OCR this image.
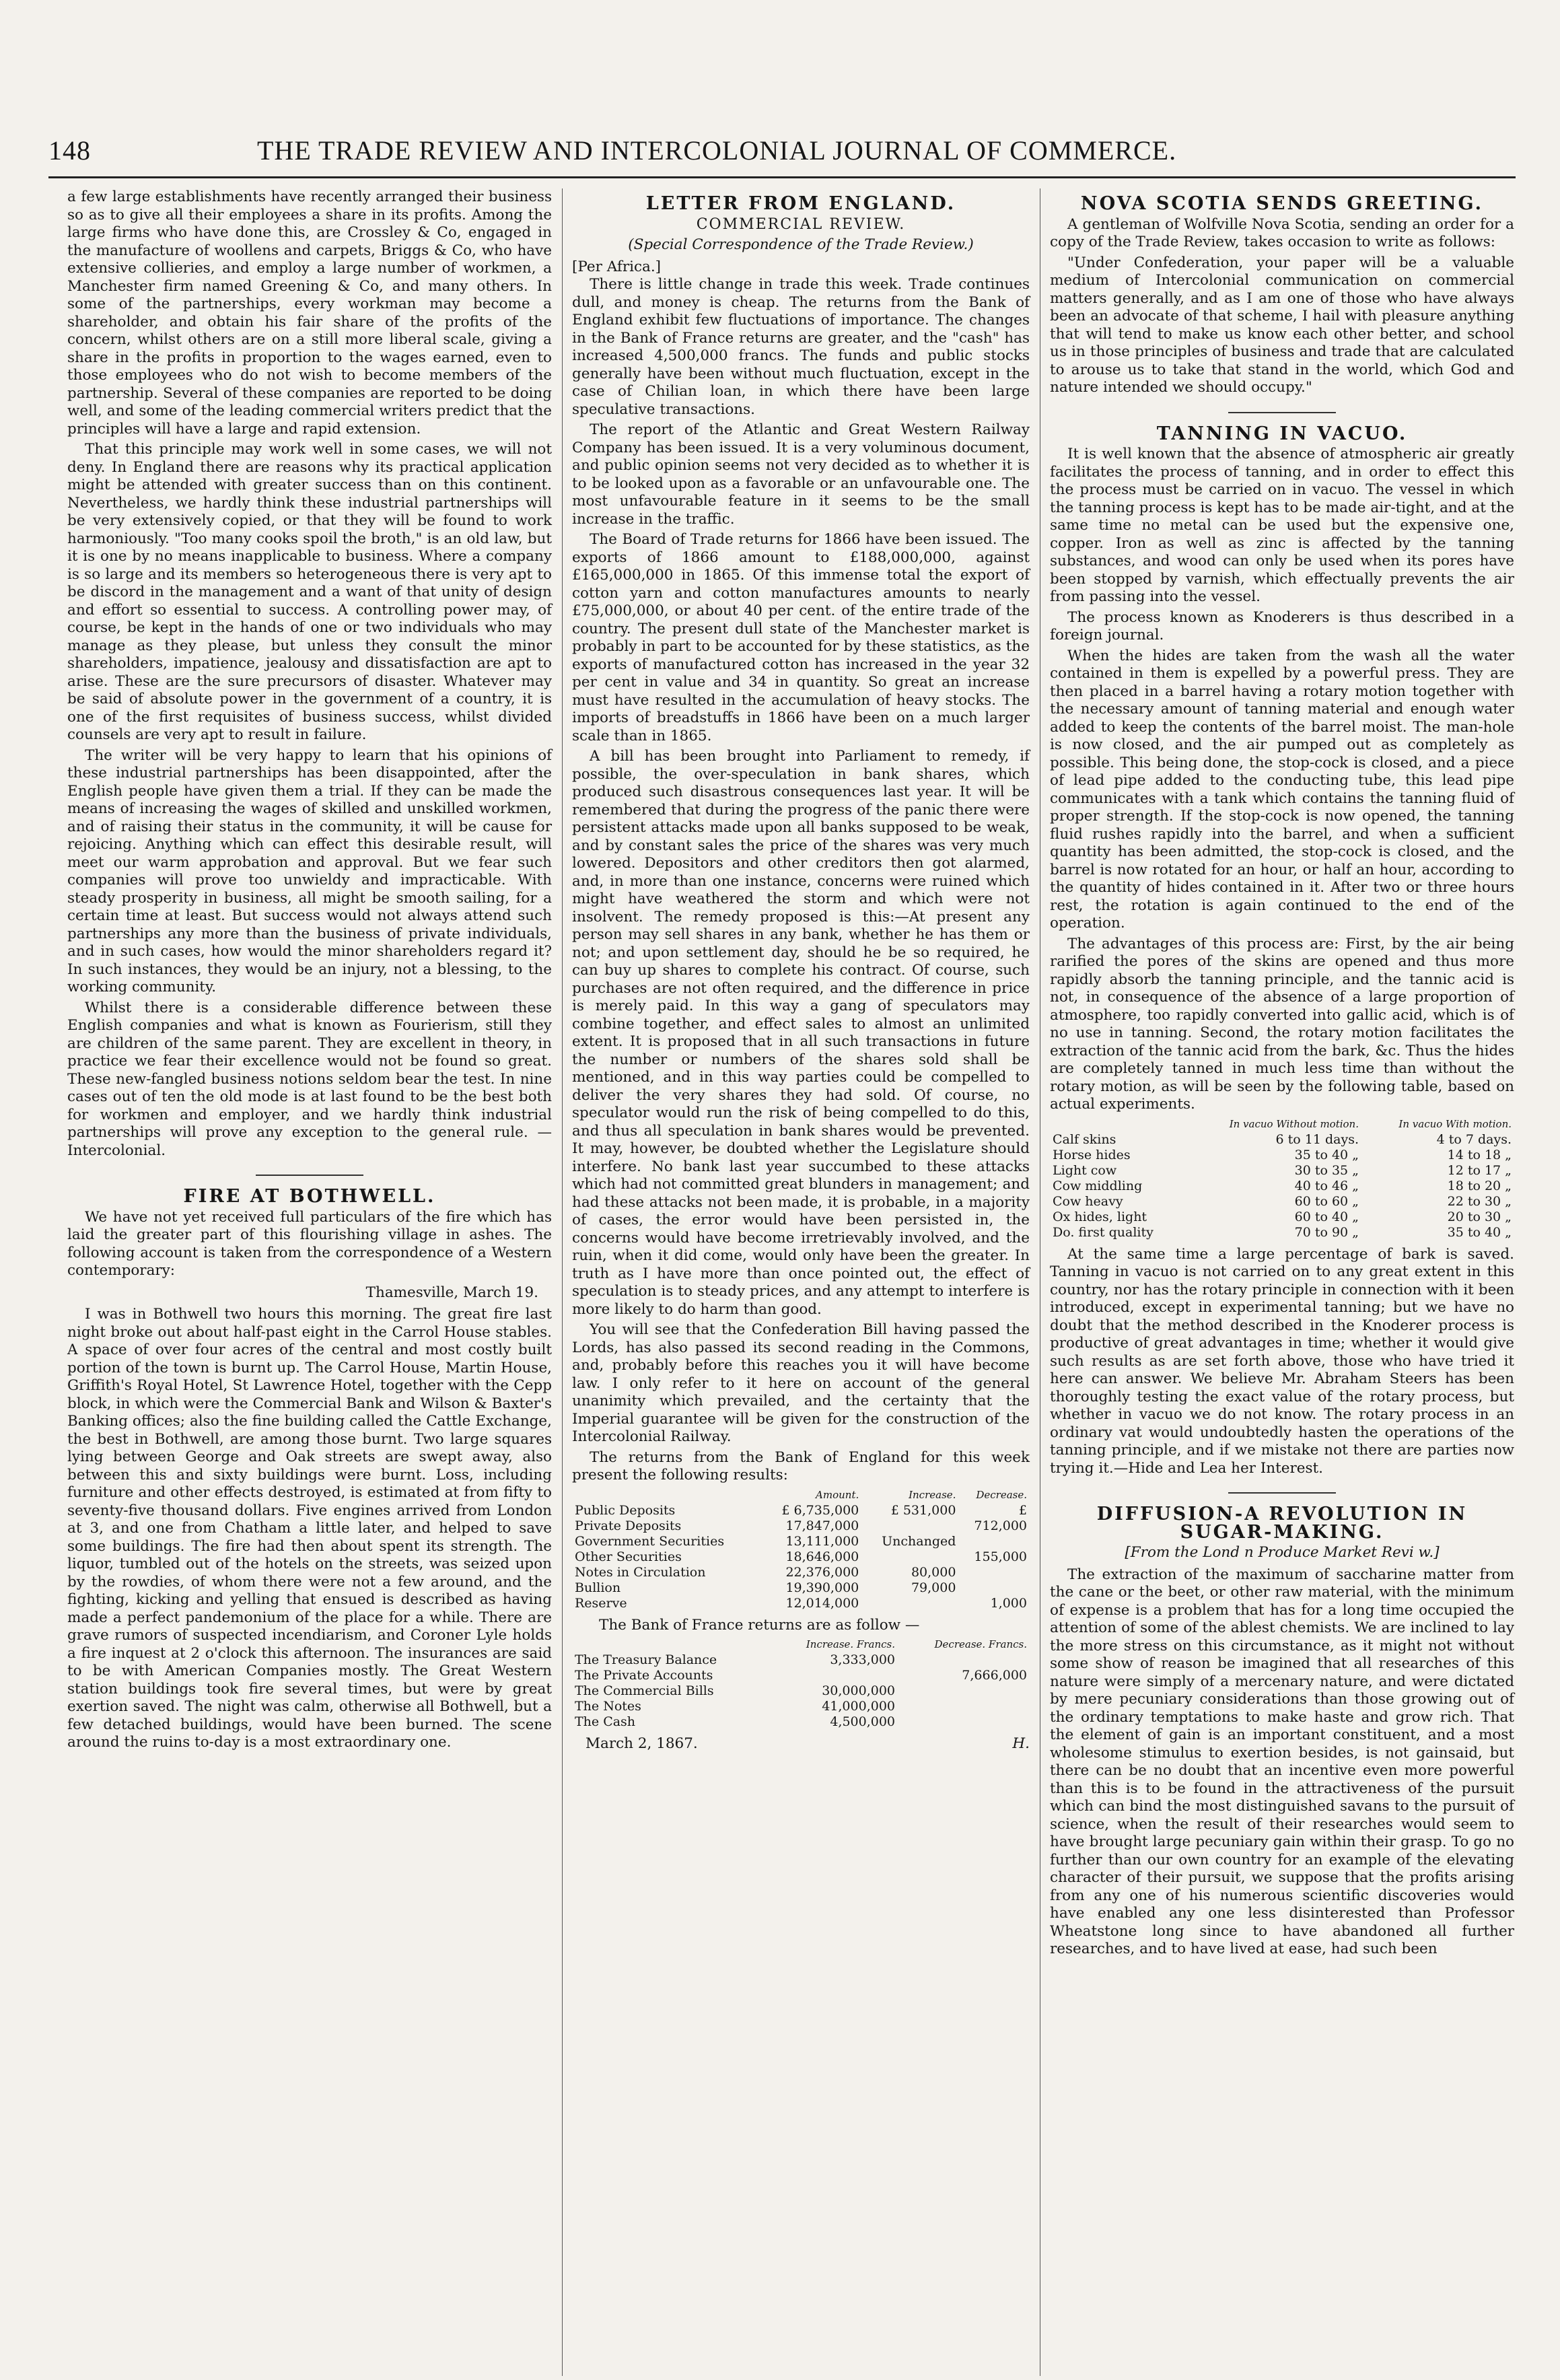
148	THE TRADE REVIEW AND INTERCOLONIAL JOURNAL OF COMMERCE.

a few large establishments have recently arranged their business so as to give all their employees a share in its profits. Among the large firms who have done this, are Crossley & Co, engaged in the manufacture of woollens and carpets, Briggs & Co, who have extensive collieries, and employ a large number of workmen, a Manchester firm named Greening & Co, and many others. In some of the partnerships, every workman may become a shareholder, and obtain his fair share of the profits of the concern, whilst others are on a still more liberal scale, giving a share in the profits in proportion to the wages earned, even to those employees who do not wish to become members of the partnership. Several of these companies are reported to be doing well, and some of the leading commercial writers predict that the principles will have a large and rapid extension.

That this principle may work well in some cases, we will not deny. In England there are reasons why its practical application might be attended with greater success than on this continent. Nevertheless, we hardly think these industrial partnerships will be very extensively copied, or that they will be found to work harmoniously. "Too many cooks spoil the broth," is an old law, but it is one by no means inapplicable to business. Where a company is so large and its members so heterogeneous there is very apt to be discord in the management and a want of that unity of design and effort so essential to success. A controlling power may, of course, be kept in the hands of one or two individuals who may manage as they please, but unless they consult the minor shareholders, impatience, jealousy and dissatisfaction are apt to arise. These are the sure precursors of disaster. Whatever may be said of absolute power in the government of a country, it is one of the first requisites of business success, whilst divided counsels are very apt to result in failure.

The writer will be very happy to learn that his opinions of these industrial partnerships has been disappointed, after the English people have given them a trial. If they can be made the means of increasing the wages of skilled and unskilled workmen, and of raising their status in the community, it will be cause for rejoicing. Anything which can effect this desirable result, will meet our warm approbation and approval. But we fear such companies will prove too unwieldy and impracticable. With steady prosperity in business, all might be smooth sailing, for a certain time at least. But success would not always attend such partnerships any more than the business of private individuals, and in such cases, how would the minor shareholders regard it? In such instances, they would be an injury, not a blessing, to the working community.

Whilst there is a considerable difference between these English companies and what is known as Fourierism, still they are children of the same parent. They are excellent in theory, in practice we fear their excellence would not be found so great. These new-fangled business notions seldom bear the test. In nine cases out of ten the old mode is at last found to be the best both for workmen and employer, and we hardly think industrial partnerships will prove any exception to the general rule. — Intercolonial.

FIRE AT BOTHWELL.

We have not yet received full particulars of the fire which has laid the greater part of this flourishing village in ashes. The following account is taken from the correspondence of a Western contemporary:

Thamesville, March 19.

I was in Bothwell two hours this morning. The great fire last night broke out about half-past eight in the Carrol House stables. A space of over four acres of the central and most costly built portion of the town is burnt up. The Carrol House, Martin House, Griffith's Royal Hotel, St Lawrence Hotel, together with the Cepp block, in which were the Commercial Bank and Wilson & Baxter's Banking offices; also the fine building called the Cattle Exchange, the best in Bothwell, are among those burnt. Two large squares lying between George and Oak streets are swept away, also between this and sixty buildings were burnt. Loss, including furniture and other effects destroyed, is estimated at from fifty to seventy-five thousand dollars. Five engines arrived from London at 3, and one from Chatham a little later, and helped to save some buildings. The fire had then about spent its strength. The liquor, tumbled out of the hotels on the streets, was seized upon by the rowdies, of whom there were not a few around, and the fighting, kicking and yelling that ensued is described as having made a perfect pandemonium of the place for a while. There are grave rumors of suspected incendiarism, and Coroner Lyle holds a fire inquest at 2 o'clock this afternoon. The insurances are said to be with American Companies mostly. The Great Western station buildings took fire several times, but were by great exertion saved. The night was calm, otherwise all Bothwell, but a few detached buildings, would have been burned. The scene around the ruins to-day is a most extraordinary one.

LETTER FROM ENGLAND.
COMMERCIAL REVIEW.
(Special Correspondence of the Trade Review.)
[Per Africa.]

There is little change in trade this week. Trade continues dull, and money is cheap. The returns from the Bank of England exhibit few fluctuations of importance. The changes in the Bank of France returns are greater, and the "cash" has increased 4,500,000 francs. The funds and public stocks generally have been without much fluctuation, except in the case of Chilian loan, in which there have been large speculative transactions.

The report of the Atlantic and Great Western Railway Company has been issued. It is a very voluminous document, and public opinion seems not very decided as to whether it is to be looked upon as a favorable or an unfavourable one. The most unfavourable feature in it seems to be the small increase in the traffic.

The Board of Trade returns for 1866 have been issued. The exports of 1866 amount to £188,000,000, against £165,000,000 in 1865. Of this immense total the export of cotton yarn and cotton manufactures amounts to nearly £75,000,000, or about 40 per cent. of the entire trade of the country. The present dull state of the Manchester market is probably in part to be accounted for by these statistics, as the exports of manufactured cotton has increased in the year 32 per cent in value and 34 in quantity. So great an increase must have resulted in the accumulation of heavy stocks. The imports of breadstuffs in 1866 have been on a much larger scale than in 1865.

A bill has been brought into Parliament to remedy, if possible, the over-speculation in bank shares, which produced such disastrous consequences last year. It will be remembered that during the progress of the panic there were persistent attacks made upon all banks supposed to be weak, and by constant sales the price of the shares was very much lowered. Depositors and other creditors then got alarmed, and, in more than one instance, concerns were ruined which might have weathered the storm and which were not insolvent. The remedy proposed is this:—At present any person may sell shares in any bank, whether he has them or not; and upon settlement day, should he be so required, he can buy up shares to complete his contract. Of course, such purchases are not often required, and the difference in price is merely paid. In this way a gang of speculators may combine together, and effect sales to almost an unlimited extent. It is proposed that in all such transactions in future the number or numbers of the shares sold shall be mentioned, and in this way parties could be compelled to deliver the very shares they had sold. Of course, no speculator would run the risk of being compelled to do this, and thus all speculation in bank shares would be prevented. It may, however, be doubted whether the Legislature should interfere. No bank last year succumbed to these attacks which had not committed great blunders in management; and had these attacks not been made, it is probable, in a majority of cases, the error would have been persisted in, the concerns would have become irretrievably involved, and the ruin, when it did come, would only have been the greater. In truth as I have more than once pointed out, the effect of speculation is to steady prices, and any attempt to interfere is more likely to do harm than good.

You will see that the Confederation Bill having passed the Lords, has also passed its second reading in the Commons, and, probably before this reaches you it will have become law. I only refer to it here on account of the general unanimity which prevailed, and the certainty that the Imperial guarantee will be given for the construction of the Intercolonial Railway.

The returns from the Bank of England for this week present the following results:

	Amount.	Increase.	Decrease.
Public Deposits	£ 6,735,000	£ 531,000	£
Private Deposits	17,847,000		712,000
Government Securities	13,111,000	Unchanged	
Other Securities	18,646,000		155,000
Notes in Circulation	22,376,000	80,000	
Bullion	19,390,000	79,000	
Reserve	12,014,000		1,000

The Bank of France returns are as follow —

	Increase. Francs.	Decrease. Francs.
The Treasury Balance	3,333,000	
The Private Accounts		7,666,000
The Commercial Bills	30,000,000	
The Notes	41,000,000	
The Cash	4,500,000	
March 2, 1867.	H.
NOVA SCOTIA SENDS GREETING.

A gentleman of Wolfville Nova Scotia, sending an order for a copy of the Trade Review, takes occasion to write as follows:

"Under Confederation, your paper will be a valuable medium of Intercolonial communication on commercial matters generally, and as I am one of those who have always been an advocate of that scheme, I hail with pleasure anything that will tend to make us know each other better, and school us in those principles of business and trade that are calculated to arouse us to take that stand in the world, which God and nature intended we should occupy."

TANNING IN VACUO.

It is well known that the absence of atmospheric air greatly facilitates the process of tanning, and in order to effect this the process must be carried on in vacuo. The vessel in which the tanning process is kept has to be made air-tight, and at the same time no metal can be used but the expensive one, copper. Iron as well as zinc is affected by the tanning substances, and wood can only be used when its pores have been stopped by varnish, which effectually prevents the air from passing into the vessel.

The process known as Knoderers is thus described in a foreign journal.

When the hides are taken from the wash all the water contained in them is expelled by a powerful press. They are then placed in a barrel having a rotary motion together with the necessary amount of tanning material and enough water added to keep the contents of the barrel moist. The man-hole is now closed, and the air pumped out as completely as possible. This being done, the stop-cock is closed, and a piece of lead pipe added to the conducting tube, this lead pipe communicates with a tank which contains the tanning fluid of proper strength. If the stop-cock is now opened, the tanning fluid rushes rapidly into the barrel, and when a sufficient quantity has been admitted, the stop-cock is closed, and the barrel is now rotated for an hour, or half an hour, according to the quantity of hides contained in it. After two or three hours rest, the rotation is again continued to the end of the operation.

The advantages of this process are: First, by the air being rarified the pores of the skins are opened and thus more rapidly absorb the tanning principle, and the tannic acid is not, in consequence of the absence of a large proportion of atmosphere, too rapidly converted into gallic acid, which is of no use in tanning. Second, the rotary motion facilitates the extraction of the tannic acid from the bark, &c. Thus the hides are completely tanned in much less time than without the rotary motion, as will be seen by the following table, based on actual experiments.

	In vacuo Without motion.	In vacuo With motion.
Calf skins	6 to 11 days.	4 to 7 days.
Horse hides	35 to 40 „	14 to 18 „
Light cow	30 to 35 „	12 to 17 „
Cow middling	40 to 46 „	18 to 20 „
Cow heavy	60 to 60 „	22 to 30 „
Ox hides, light	60 to 40 „	20 to 30 „
Do. first quality	70 to 90 „	35 to 40 „

At the same time a large percentage of bark is saved. Tanning in vacuo is not carried on to any great extent in this country, nor has the rotary principle in connection with it been introduced, except in experimental tanning; but we have no doubt that the method described in the Knoderer process is productive of great advantages in time; whether it would give such results as are set forth above, those who have tried it here can answer. We believe Mr. Abraham Steers has been thoroughly testing the exact value of the rotary process, but whether in vacuo we do not know. The rotary process in an ordinary vat would undoubtedly hasten the operations of the tanning principle, and if we mistake not there are parties now trying it.—Hide and Lea her Interest.

DIFFUSION-A REVOLUTION IN SUGAR-MAKING.
[From the Lond n Produce Market Revi w.]

The extraction of the maximum of saccharine matter from the cane or the beet, or other raw material, with the minimum of expense is a problem that has for a long time occupied the attention of some of the ablest chemists. We are inclined to lay the more stress on this circumstance, as it might not without some show of reason be imagined that all researches of this nature were simply of a mercenary nature, and were dictated by mere pecuniary considerations than those growing out of the ordinary temptations to make haste and grow rich. That the element of gain is an important constituent, and a most wholesome stimulus to exertion besides, is not gainsaid, but there can be no doubt that an incentive even more powerful than this is to be found in the attractiveness of the pursuit which can bind the most distinguished savans to the pursuit of science, when the result of their researches would seem to have brought large pecuniary gain within their grasp. To go no further than our own country for an example of the elevating character of their pursuit, we suppose that the profits arising from any one of his numerous scientific discoveries would have enabled any one less disinterested than Professor Wheatstone long since to have abandoned all further researches, and to have lived at ease, had such been
